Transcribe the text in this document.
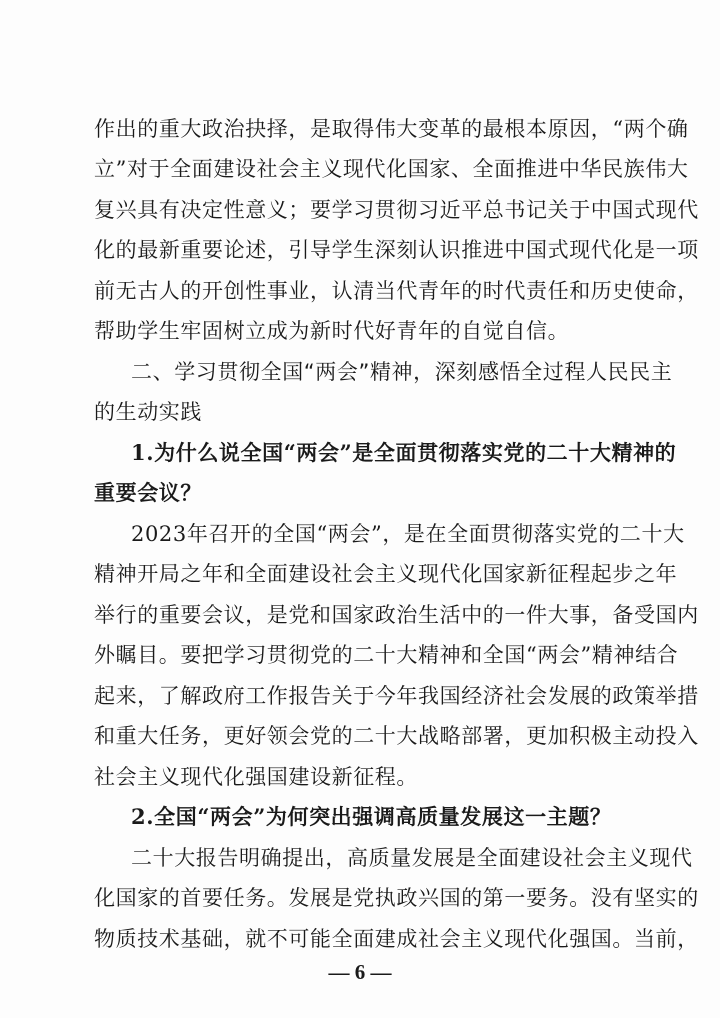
作出的重大政治抉择，是取得伟大变革的最根本原因，“两个确
立”对于全面建设社会主义现代化国家、全面推进中华民族伟大
复兴具有决定性意义；要学习贯彻习近平总书记关于中国式现代
化的最新重要论述，引导学生深刻认识推进中国式现代化是一项
前无古人的开创性事业，认清当代青年的时代责任和历史使命，
帮助学生牢固树立成为新时代好青年的自觉自信。
二、学习贯彻全国“两会”精神，深刻感悟全过程人民民主
的生动实践
1.为什么说全国“两会”是全面贯彻落实党的二十大精神的
重要会议？
2023年召开的全国“两会”，是在全面贯彻落实党的二十大
精神开局之年和全面建设社会主义现代化国家新征程起步之年
举行的重要会议，是党和国家政治生活中的一件大事，备受国内
外瞩目。要把学习贯彻党的二十大精神和全国“两会”精神结合
起来，了解政府工作报告关于今年我国经济社会发展的政策举措
和重大任务，更好领会党的二十大战略部署，更加积极主动投入
社会主义现代化强国建设新征程。
2.全国“两会”为何突出强调高质量发展这一主题？
二十大报告明确提出，高质量发展是全面建设社会主义现代
化国家的首要任务。发展是党执政兴国的第一要务。没有坚实的
物质技术基础，就不可能全面建成社会主义现代化强国。当前，
— 6 —
